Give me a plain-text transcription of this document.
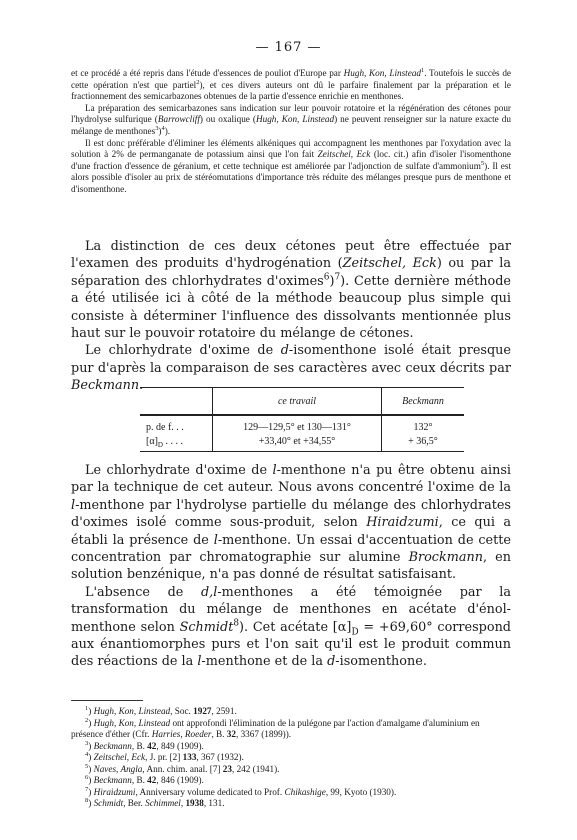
— 167 —

et ce procédé a été repris dans l'étude d'essences de pouliot d'Europe par Hugh, Kon, Linstead$^1$. Toutefois le succès de cette opération n'est que partiel$^2$), et ces divers auteurs ont dû le parfaire finalement par la préparation et le fractionnement des semicarbazones obtenues de la partie d'essence enrichie en menthones.

La préparation des semicarbazones sans indication sur leur pouvoir rotatoire et la régénération des cétones pour l'hydrolyse sulfurique (Barrowcliff) ou oxalique (Hugh, Kon, Linstead) ne peuvent renseigner sur la nature exacte du mélange de menthones$^3$)$^4$).

Il est donc préférable d'éliminer les éléments alkéniques qui accompagnent les menthones par l'oxydation avec la solution à 2% de permanganate de potassium ainsi que l'on fait Zeitschel, Eck (loc. cit.) afin d'isoler l'isomenthone d'une fraction d'essence de géranium, et cette technique est améliorée par l'adjonction de sulfate d'ammonium$^5$). Il est alors possible d'isoler au prix de stéréomutations d'importance très réduite des mélanges presque purs de menthone et d'isomenthone.

La distinction de ces deux cétones peut être effectuée par l'examen des produits d'hydrogénation (Zeitschel, Eck) ou par la séparation des chlorhydrates d'oximes$^6$)$^7$). Cette dernière méthode a été utilisée ici à côté de la méthode beaucoup plus simple qui consiste à déterminer l'influence des dissolvants mentionnée plus haut sur le pouvoir rotatoire du mélange de cétones.

Le chlorhydrate d'oxime de d-isomenthone isolé était presque pur d'après la comparaison de ses caractères avec ceux décrits par Beckmann.

	ce travail	Beckmann
p. de f. . .	129—129,5° et 130—131°	132°
$[\alpha]_D$ . . . .	+33,40° et +34,55°	+ 36,5°

Le chlorhydrate d'oxime de l-menthone n'a pu être obtenu ainsi par la technique de cet auteur. Nous avons concentré l'oxime de la l-menthone par l'hydrolyse partielle du mélange des chlorhydrates d'oximes isolé comme sous-produit, selon Hiraidzumi, ce qui a établi la présence de l-menthone. Un essai d'accentuation de cette concentration par chromatographie sur alumine Brockmann, en solution benzénique, n'a pas donné de résultat satisfaisant.

L'absence de d,l-menthones a été témoignée par la transformation du mélange de menthones en acétate d'énol-menthone selon Schmidt$^8$). Cet acétate $[\alpha]_D = +69,60^\circ$ correspond aux énantiomorphes purs et l'on sait qu'il est le produit commun des réactions de la l-menthone et de la d-isomenthone.

$^1$) Hugh, Kon, Linstead, Soc. 1927, 2591.

$^2$) Hugh, Kon, Linstead ont approfondi l'élimination de la pulégone par l'action d'amalgame d'aluminium en présence d'éther (Cfr. Harries, Roeder, B. 32, 3367 (1899)).

$^3$) Beckmann, B. 42, 849 (1909).

$^4$) Zeitschel, Eck, J. pr. [2] 133, 367 (1932).

$^5$) Naves, Angla, Ann. chim. anal. [7] 23, 242 (1941).

$^6$) Beckmann, B. 42, 846 (1909).

$^7$) Hiraidzumi, Anniversary volume dedicated to Prof. Chikashige, 99, Kyoto (1930).

$^8$) Schmidt, Ber. Schimmel, 1938, 131.
